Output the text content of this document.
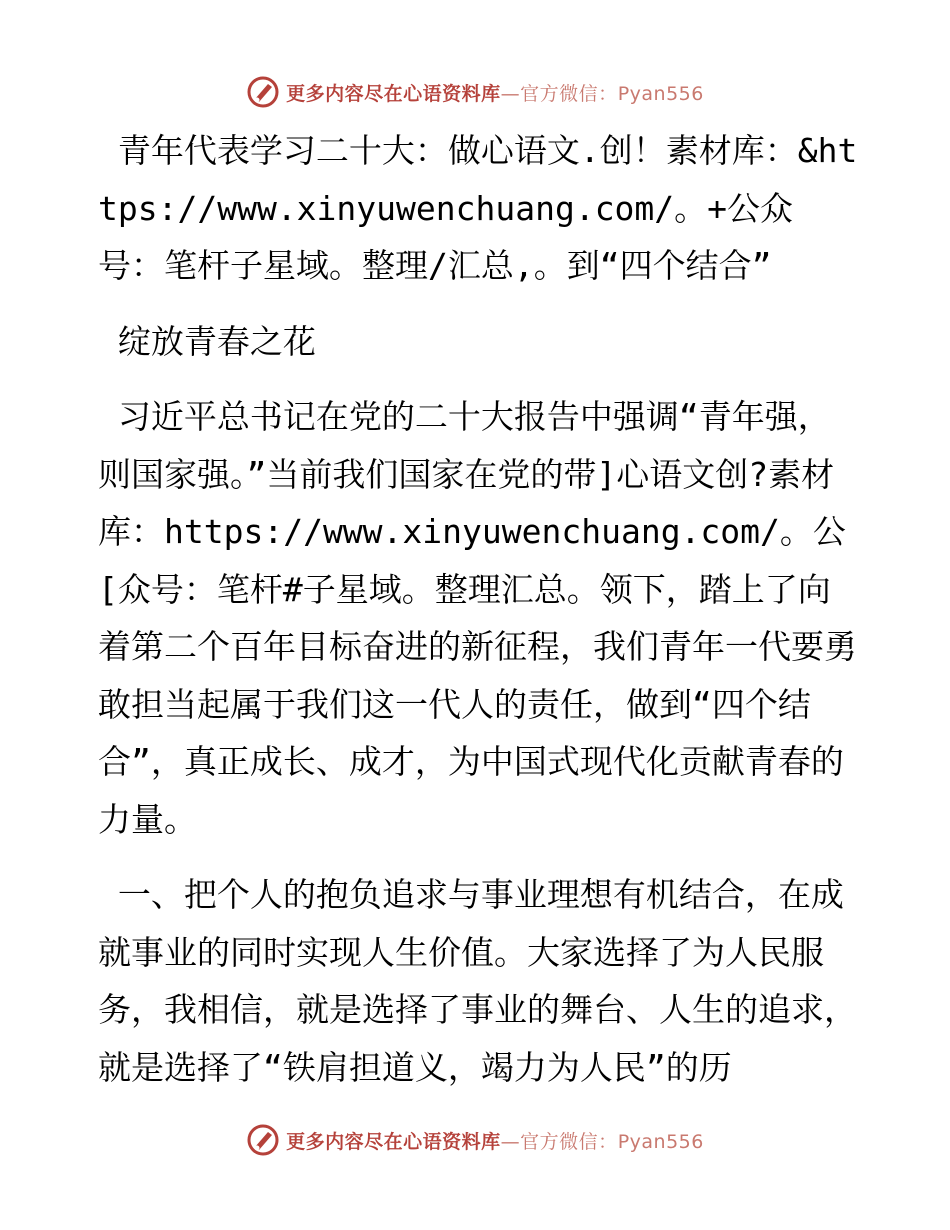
更多内容尽在心语资料库—官方微信：Pyan556

青年代表学习二十大：做心语文.创！素材库：&https://www.xinyuwenchuang.com/。+公众号：笔杆子星域。整理/汇总,。到“四个结合”

绽放青春之花

习近平总书记在党的二十大报告中强调“青年强，则国家强。”当前我们国家在党的带]心语文创?素材库：https://www.xinyuwenchuang.com/。公[众号：笔杆#子星域。整理汇总。领下，踏上了向着第二个百年目标奋进的新征程，我们青年一代要勇敢担当起属于我们这一代人的责任，做到“四个结合”，真正成长、成才，为中国式现代化贡献青春的力量。

一、把个人的抱负追求与事业理想有机结合，在成就事业的同时实现人生价值。大家选择了为人民服务，我相信，就是选择了事业的舞台、人生的追求，就是选择了“铁肩担道义，竭力为人民”的历

更多内容尽在心语资料库—官方微信：Pyan556
